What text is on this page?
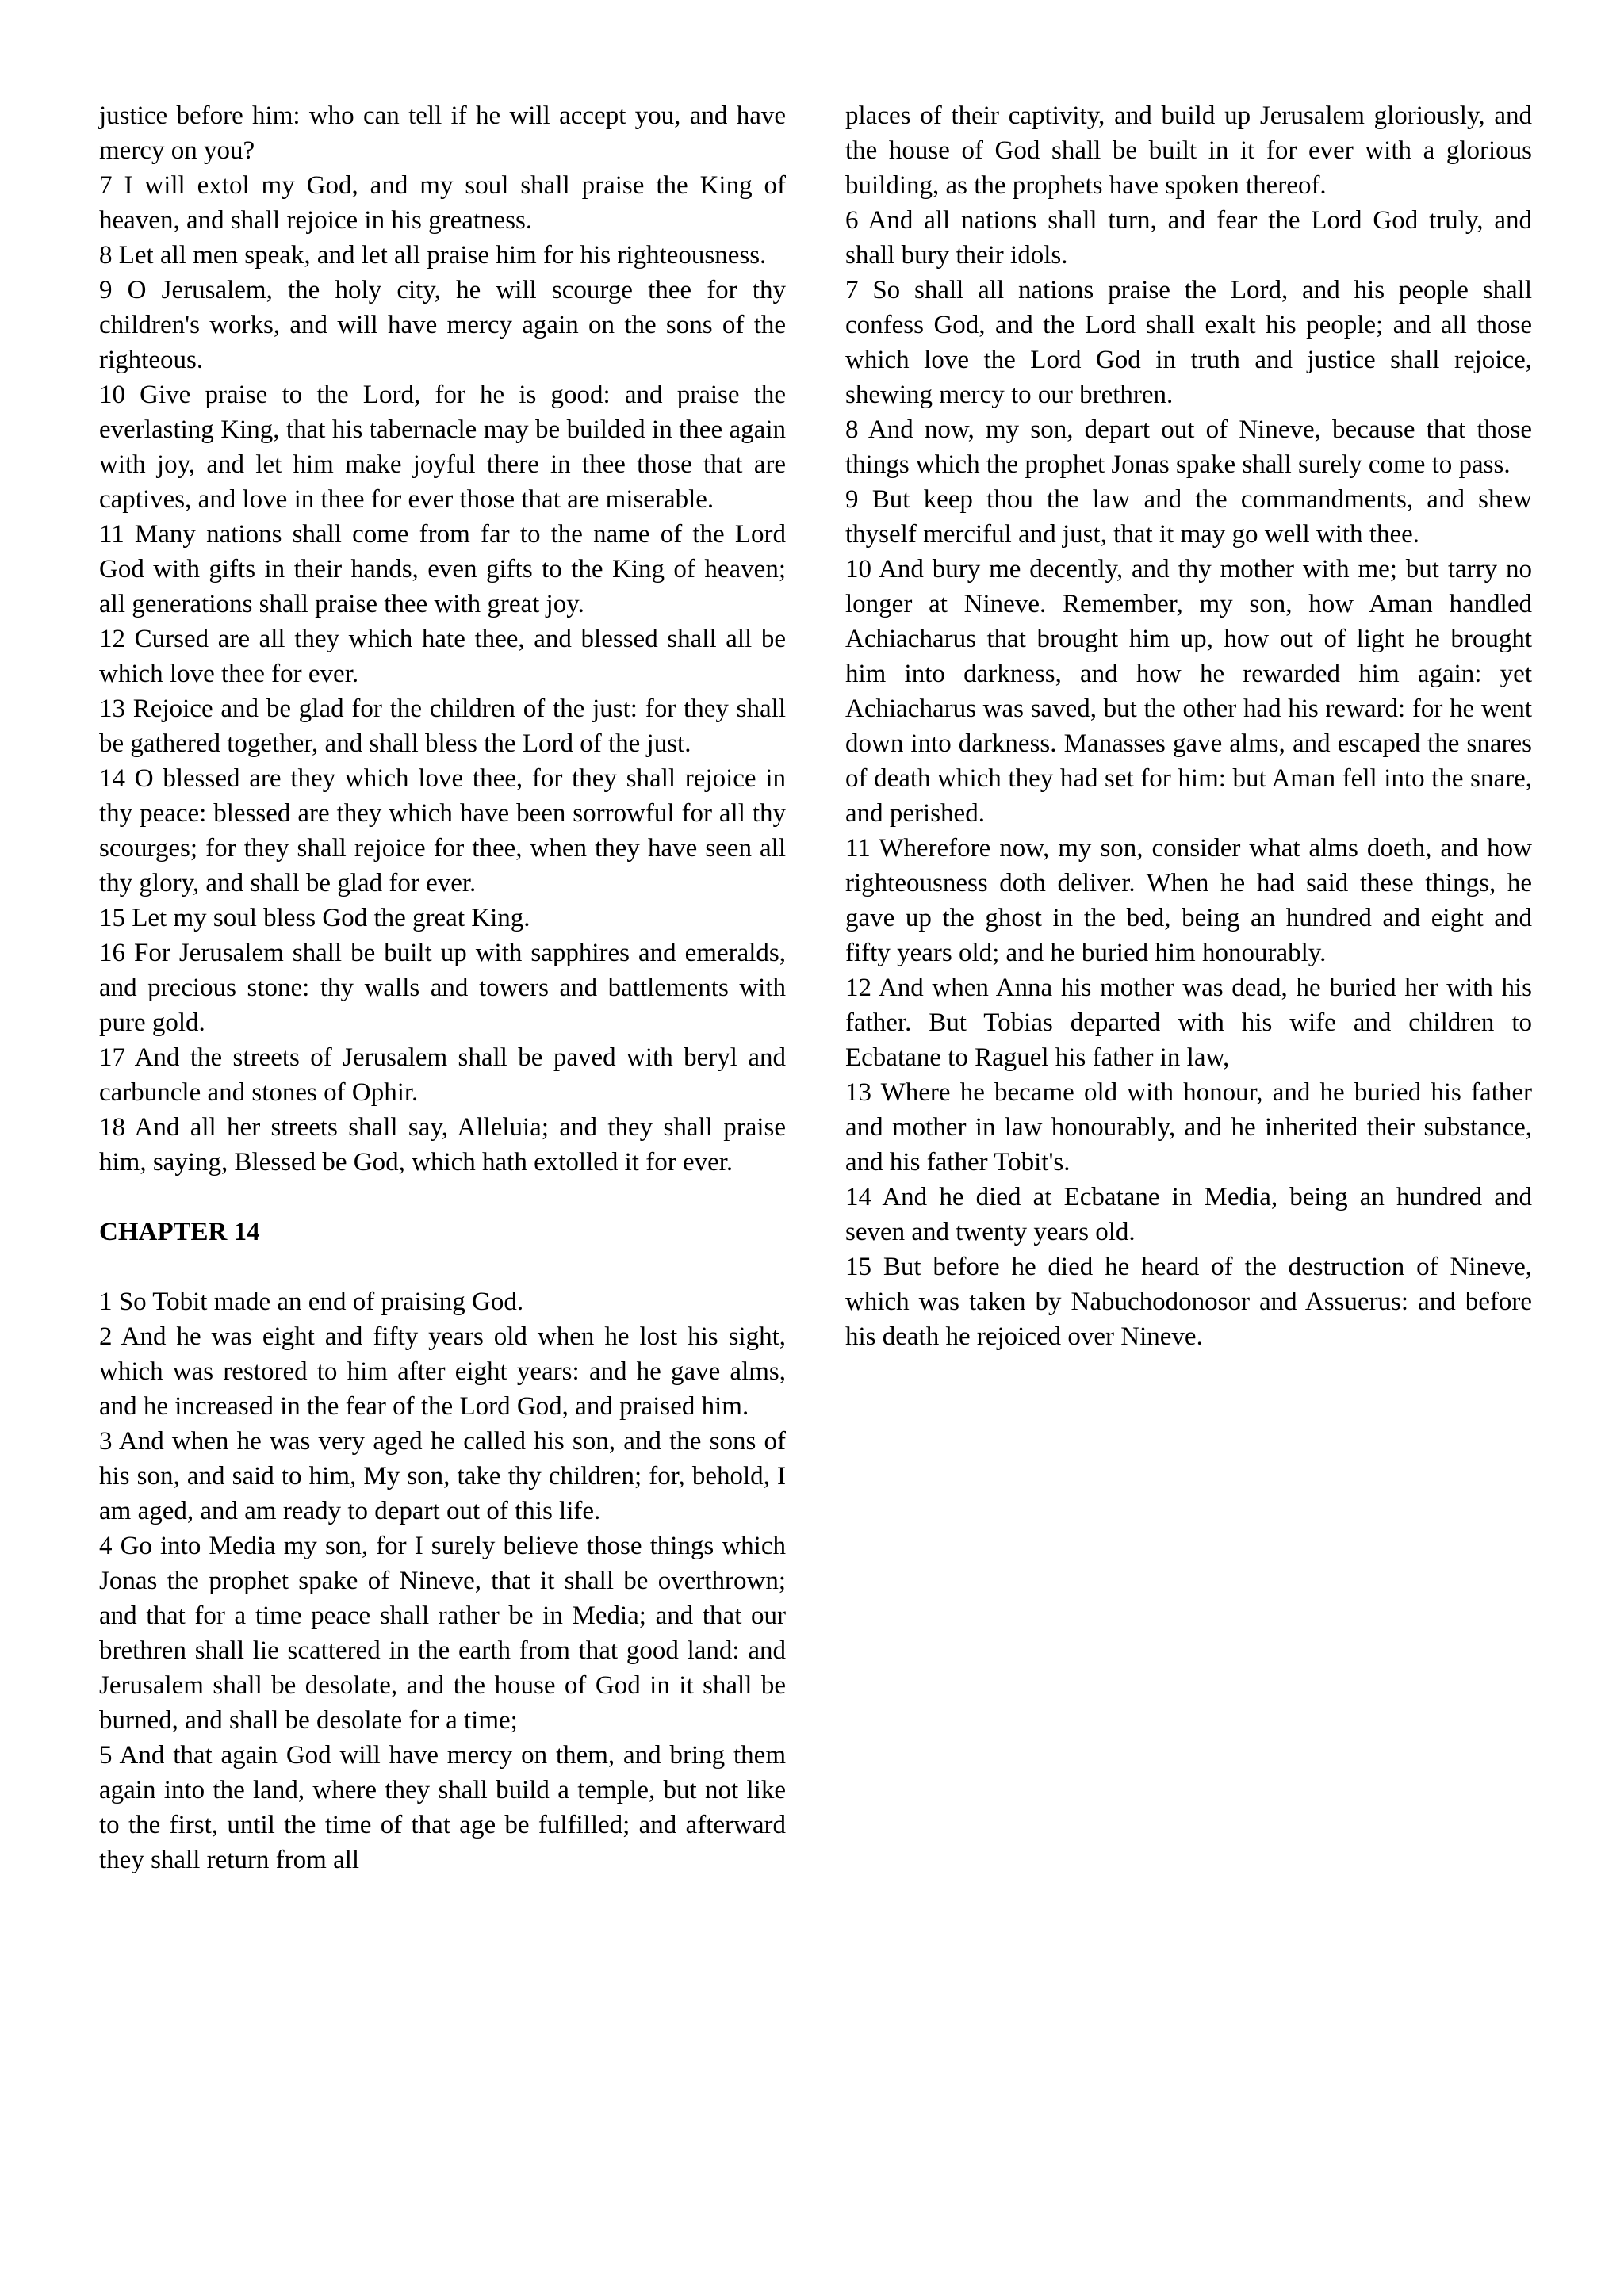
justice before him: who can tell if he will accept you, and have mercy on you?

7 I will extol my God, and my soul shall praise the King of heaven, and shall rejoice in his greatness.

8 Let all men speak, and let all praise him for his righteousness.

9 O Jerusalem, the holy city, he will scourge thee for thy children's works, and will have mercy again on the sons of the righteous.

10 Give praise to the Lord, for he is good: and praise the everlasting King, that his tabernacle may be builded in thee again with joy, and let him make joyful there in thee those that are captives, and love in thee for ever those that are miserable.

11 Many nations shall come from far to the name of the Lord God with gifts in their hands, even gifts to the King of heaven; all generations shall praise thee with great joy.

12 Cursed are all they which hate thee, and blessed shall all be which love thee for ever.

13 Rejoice and be glad for the children of the just: for they shall be gathered together, and shall bless the Lord of the just.

14 O blessed are they which love thee, for they shall rejoice in thy peace: blessed are they which have been sorrowful for all thy scourges; for they shall rejoice for thee, when they have seen all thy glory, and shall be glad for ever.

15 Let my soul bless God the great King.

16 For Jerusalem shall be built up with sapphires and emeralds, and precious stone: thy walls and towers and battlements with pure gold.

17 And the streets of Jerusalem shall be paved with beryl and carbuncle and stones of Ophir.

18 And all her streets shall say, Alleluia; and they shall praise him, saying, Blessed be God, which hath extolled it for ever.

CHAPTER 14

1 So Tobit made an end of praising God.

2 And he was eight and fifty years old when he lost his sight, which was restored to him after eight years: and he gave alms, and he increased in the fear of the Lord God, and praised him.

3 And when he was very aged he called his son, and the sons of his son, and said to him, My son, take thy children; for, behold, I am aged, and am ready to depart out of this life.

4 Go into Media my son, for I surely believe those things which Jonas the prophet spake of Nineve, that it shall be overthrown; and that for a time peace shall rather be in Media; and that our brethren shall lie scattered in the earth from that good land: and Jerusalem shall be desolate, and the house of God in it shall be burned, and shall be desolate for a time;

5 And that again God will have mercy on them, and bring them again into the land, where they shall build a temple, but not like to the first, until the time of that age be fulfilled; and afterward they shall return from all

places of their captivity, and build up Jerusalem gloriously, and the house of God shall be built in it for ever with a glorious building, as the prophets have spoken thereof.

6 And all nations shall turn, and fear the Lord God truly, and shall bury their idols.

7 So shall all nations praise the Lord, and his people shall confess God, and the Lord shall exalt his people; and all those which love the Lord God in truth and justice shall rejoice, shewing mercy to our brethren.

8 And now, my son, depart out of Nineve, because that those things which the prophet Jonas spake shall surely come to pass.

9 But keep thou the law and the commandments, and shew thyself merciful and just, that it may go well with thee.

10 And bury me decently, and thy mother with me; but tarry no longer at Nineve. Remember, my son, how Aman handled Achiacharus that brought him up, how out of light he brought him into darkness, and how he rewarded him again: yet Achiacharus was saved, but the other had his reward: for he went down into darkness. Manasses gave alms, and escaped the snares of death which they had set for him: but Aman fell into the snare, and perished.

11 Wherefore now, my son, consider what alms doeth, and how righteousness doth deliver. When he had said these things, he gave up the ghost in the bed, being an hundred and eight and fifty years old; and he buried him honourably.

12 And when Anna his mother was dead, he buried her with his father. But Tobias departed with his wife and children to Ecbatane to Raguel his father in law,

13 Where he became old with honour, and he buried his father and mother in law honourably, and he inherited their substance, and his father Tobit's.

14 And he died at Ecbatane in Media, being an hundred and seven and twenty years old.

15 But before he died he heard of the destruction of Nineve, which was taken by Nabuchodonosor and Assuerus: and before his death he rejoiced over Nineve.
